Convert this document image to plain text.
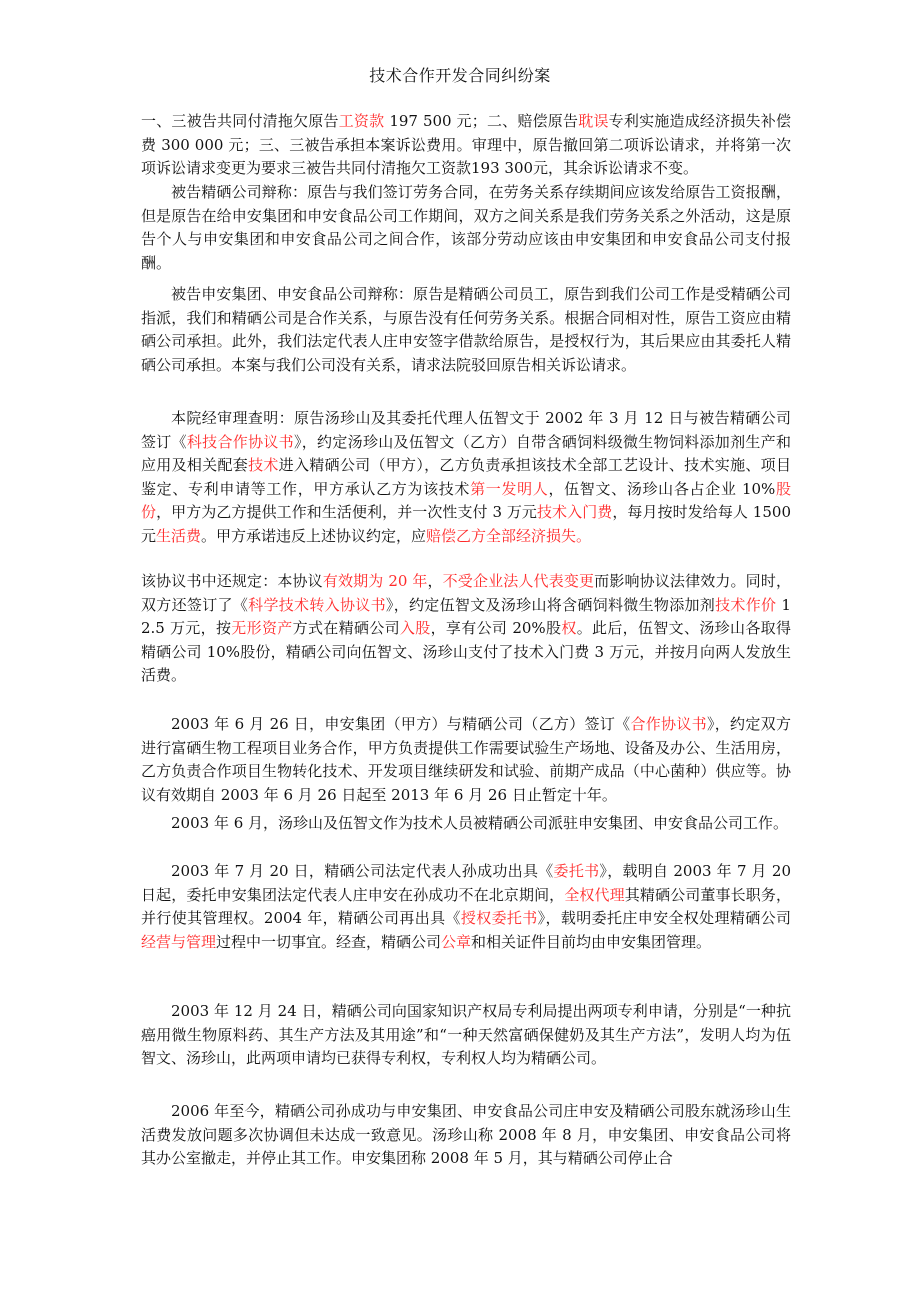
技术合作开发合同纠纷案

一、三被告共同付清拖欠原告工资款 197 500 元；二、赔偿原告耽误专利实施造成经济损失补偿费 300 000 元；三、三被告承担本案诉讼费用。审理中，原告撤回第二项诉讼请求，并将第一次项诉讼请求变更为要求三被告共同付清拖欠工资款193 300元，其余诉讼请求不变。

被告精硒公司辩称：原告与我们签订劳务合同，在劳务关系存续期间应该发给原告工资报酬，但是原告在给申安集团和申安食品公司工作期间，双方之间关系是我们劳务关系之外活动，这是原告个人与申安集团和申安食品公司之间合作，该部分劳动应该由申安集团和申安食品公司支付报酬。

被告申安集团、申安食品公司辩称：原告是精硒公司员工，原告到我们公司工作是受精硒公司指派，我们和精硒公司是合作关系，与原告没有任何劳务关系。根据合同相对性，原告工资应由精硒公司承担。此外，我们法定代表人庄申安签字借款给原告，是授权行为，其后果应由其委托人精硒公司承担。本案与我们公司没有关系，请求法院驳回原告相关诉讼请求。

本院经审理查明：原告汤珍山及其委托代理人伍智文于 2002 年 3 月 12 日与被告精硒公司签订《科技合作协议书》，约定汤珍山及伍智文（乙方）自带含硒饲料级微生物饲料添加剂生产和应用及相关配套技术进入精硒公司（甲方），乙方负责承担该技术全部工艺设计、技术实施、项目鉴定、专利申请等工作，甲方承认乙方为该技术第一发明人，伍智文、汤珍山各占企业 10%股份，甲方为乙方提供工作和生活便利，并一次性支付 3 万元技术入门费，每月按时发给每人 1500 元生活费。甲方承诺违反上述协议约定，应赔偿乙方全部经济损失。

该协议书中还规定：本协议有效期为 20 年，不受企业法人代表变更而影响协议法律效力。同时，双方还签订了《科学技术转入协议书》，约定伍智文及汤珍山将含硒饲料微生物添加剂技术作价 12.5 万元，按无形资产方式在精硒公司入股，享有公司 20%股权。此后，伍智文、汤珍山各取得精硒公司 10%股份，精硒公司向伍智文、汤珍山支付了技术入门费 3 万元，并按月向两人发放生活费。

2003 年 6 月 26 日，申安集团（甲方）与精硒公司（乙方）签订《合作协议书》，约定双方进行富硒生物工程项目业务合作，甲方负责提供工作需要试验生产场地、设备及办公、生活用房，乙方负责合作项目生物转化技术、开发项目继续研发和试验、前期产成品（中心菌种）供应等。协议有效期自 2003 年 6 月 26 日起至 2013 年 6 月 26 日止暂定十年。

2003 年 6 月，汤珍山及伍智文作为技术人员被精硒公司派驻申安集团、申安食品公司工作。

2003 年 7 月 20 日，精硒公司法定代表人孙成功出具《委托书》，载明自 2003 年 7 月 20 日起，委托申安集团法定代表人庄申安在孙成功不在北京期间，全权代理其精硒公司董事长职务，并行使其管理权。2004 年，精硒公司再出具《授权委托书》，载明委托庄申安全权处理精硒公司经营与管理过程中一切事宜。经查，精硒公司公章和相关证件目前均由申安集团管理。

2003 年 12 月 24 日，精硒公司向国家知识产权局专利局提出两项专利申请，分别是“一种抗癌用微生物原料药、其生产方法及其用途”和“一种天然富硒保健奶及其生产方法”，发明人均为伍智文、汤珍山，此两项申请均已获得专利权，专利权人均为精硒公司。

2006 年至今，精硒公司孙成功与申安集团、申安食品公司庄申安及精硒公司股东就汤珍山生活费发放问题多次协调但未达成一致意见。汤珍山称 2008 年 8 月，申安集团、申安食品公司将其办公室撤走，并停止其工作。申安集团称 2008 年 5 月，其与精硒公司停止合
